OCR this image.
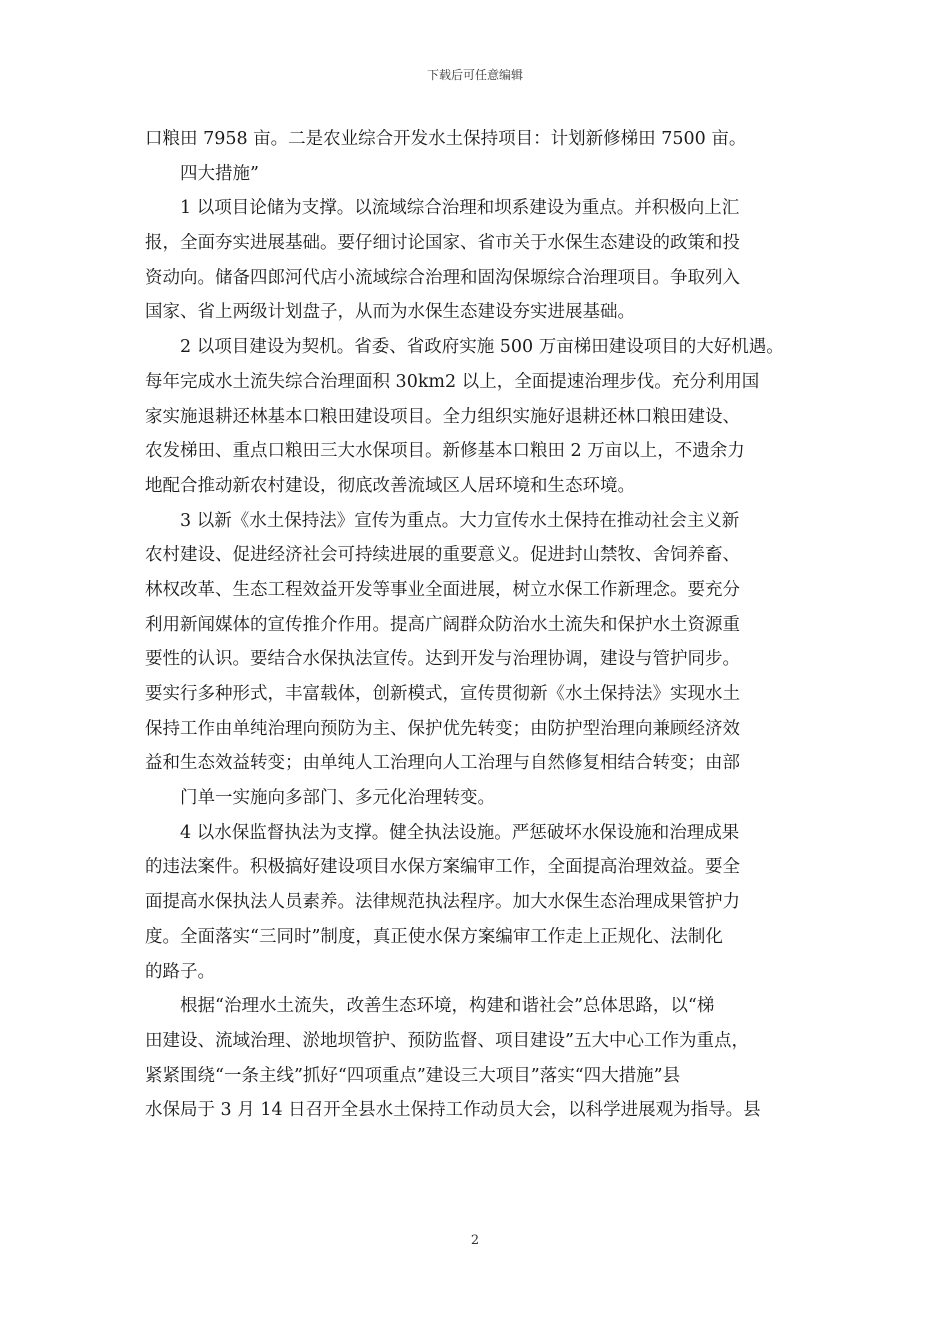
下载后可任意编辑
口粮田 7958 亩。二是农业综合开发水土保持项目：计划新修梯田 7500 亩。
四大措施”
1 以项目论储为支撑。以流域综合治理和坝系建设为重点。并积极向上汇
报，全面夯实进展基础。要仔细讨论国家、省市关于水保生态建设的政策和投
资动向。储备四郎河代店小流域综合治理和固沟保塬综合治理项目。争取列入
国家、省上两级计划盘子，从而为水保生态建设夯实进展基础。
2 以项目建设为契机。省委、省政府实施 500 万亩梯田建设项目的大好机遇。
每年完成水土流失综合治理面积 30km2 以上，全面提速治理步伐。充分利用国
家实施退耕还林基本口粮田建设项目。全力组织实施好退耕还林口粮田建设、
农发梯田、重点口粮田三大水保项目。新修基本口粮田 2 万亩以上，不遗余力
地配合推动新农村建设，彻底改善流域区人居环境和生态环境。
3 以新《水土保持法》宣传为重点。大力宣传水土保持在推动社会主义新
农村建设、促进经济社会可持续进展的重要意义。促进封山禁牧、舍饲养畜、
林权改革、生态工程效益开发等事业全面进展，树立水保工作新理念。要充分
利用新闻媒体的宣传推介作用。提高广阔群众防治水土流失和保护水土资源重
要性的认识。要结合水保执法宣传。达到开发与治理协调，建设与管护同步。
要实行多种形式，丰富载体，创新模式，宣传贯彻新《水土保持法》实现水土
保持工作由单纯治理向预防为主、保护优先转变；由防护型治理向兼顾经济效
益和生态效益转变；由单纯人工治理向人工治理与自然修复相结合转变；由部
门单一实施向多部门、多元化治理转变。
4 以水保监督执法为支撑。健全执法设施。严惩破坏水保设施和治理成果
的违法案件。积极搞好建设项目水保方案编审工作，全面提高治理效益。要全
面提高水保执法人员素养。法律规范执法程序。加大水保生态治理成果管护力
度。全面落实“三同时”制度，真正使水保方案编审工作走上正规化、法制化
的路子。
根据“治理水土流失，改善生态环境，构建和谐社会”总体思路，以“梯
田建设、流域治理、淤地坝管护、预防监督、项目建设”五大中心工作为重点，
紧紧围绕“一条主线”抓好“四项重点”建设三大项目”落实“四大措施”县
水保局于 3 月 14 日召开全县水土保持工作动员大会，以科学进展观为指导。县
2
